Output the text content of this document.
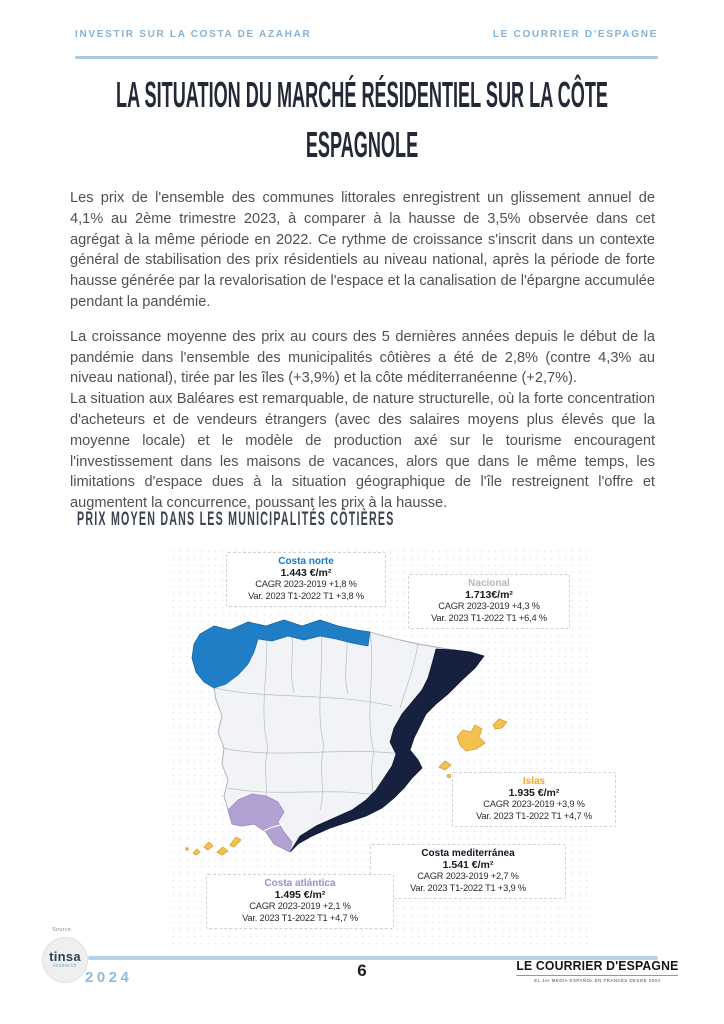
INVESTIR SUR LA COSTA DE AZAHAR	LE COURRIER D'ESPAGNE
LA SITUATION DU MARCHÉ RÉSIDENTIEL SUR LA CÔTE ESPAGNOLE

Les prix de l'ensemble des communes littorales enregistrent un glissement annuel de 4,1% au 2ème trimestre 2023, à comparer à la hausse de 3,5% observée dans cet agrégat à la même période en 2022. Ce rythme de croissance s'inscrit dans un contexte général de stabilisation des prix résidentiels au niveau national, après la période de forte hausse générée par la revalorisation de l'espace et la canalisation de l'épargne accumulée pendant la pandémie.

La croissance moyenne des prix au cours des 5 dernières années depuis le début de la pandémie dans l'ensemble des municipalités côtières a été de 2,8% (contre 4,3% au niveau national), tirée par les îles (+3,9%) et la côte méditerranéenne (+2,7%).

La situation aux Baléares est remarquable, de nature structurelle, où la forte concentration d'acheteurs et de vendeurs étrangers (avec des salaires moyens plus élevés que la moyenne locale) et le modèle de production axé sur le tourisme encouragent l'investissement dans les maisons de vacances, alors que dans le même temps, les limitations d'espace dues à la situation géographique de l'île restreignent l'offre et augmentent la concurrence, poussant les prix à la hausse.

PRIX MOYEN DANS LES MUNICIPALITÉS CÔTIÈRES
Costa norte
1.443 €/m²
CAGR 2023-2019 +1,8 %
Var. 2023 T1-2022 T1 +3,8 %
Nacional
1.713€/m²
CAGR 2023-2019 +4,3 %
Var. 2023 T1-2022 T1 +6,4 %
Islas
1.935 €/m²
CAGR 2023-2019 +3,9 %
Var. 2023 T1-2022 T1 +4,7 %
Costa mediterránea
1.541 €/m²
CAGR 2023-2019 +2,7 %
Var. 2023 T1-2022 T1 +3,9 %
Costa atlántica
1.495 €/m²
CAGR 2023-2019 +2,1 %
Var. 2023 T1-2022 T1 +4,7 %
Source
tinsa
research
2024	6	LE COURRIER D'ESPAGNE
EL 1er MEDIA ESPAÑOL EN FRANCÉS DESDE 2004
